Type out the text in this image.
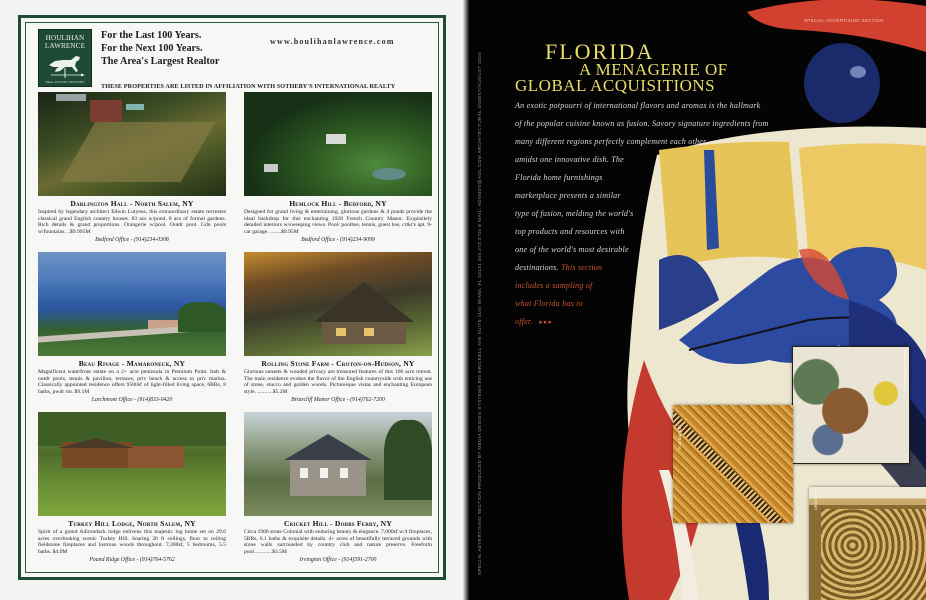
HOULIHAN
LAWRENCE
REAL ESTATE CENTERS
For the Last 100 Years.
For the Next 100 Years.
The Area's Largest Realtor
www.houlihanlawrence.com
THESE PROPERTIES ARE LISTED IN AFFILIATION WITH SOTHEBY'S INTERNATIONAL REALTY
Darlington Hall - North Salem, NY
Inspired by legendary architect Edwin Lutyens, this extraordinary estate recreates classical grand English country houses. 83 acs w/pond, 8 acs of formal gardens. Rich details & grand proportions. Orangerie w/pool. Outdr pool. Gdn pools w/fountains. ..$9.995M
Bedford Office - (914)234-0308
Hemlock Hill - Bedford, NY
Designed for grand living & entertaining, glorious gardens & 4 ponds provide the ideal backdrop for this enchanting 1928 French Country Manor. Exquisitely detailed interiors w/sweeping views. Pool/ poolhse, tennis, guest hse, crtkr's apt. 9-car garage. ........$9.95M
Bedford Office - (914)234-9099
Beau Rivage - Mamaroneck, NY
Magnificent waterfront estate on a 2+ acre peninsula in Premium Point. Indr & outdr pools, tennis & pavilion, terraces, priv beach & access to priv marina. Classically appointed residence offers 9500sf of light-filled living space, 6BRs, 8 baths, pwdr rm. $9.1M
Larchmont Office - (914)833-0420
Rolling Stone Farm - Croton-on-Hudson, NY
Glorious sunsets & wooded privacy are treasured features of this 106 acre retreat. The main residence evokes the flavor of the English countryside with enticing use of stone, stucco and golden woods. Picturesque vistas and enchanting European style. ...........$5.2M
Briarcliff Manor Office - (914)762-7200
Turkey Hill Lodge, North Salem, NY
Spirit of a grand Adirondack lodge enlivens this majestic log home set on 29.6 acres overlooking scenic Turkey Hill. Soaring 26 ft ceilings, floor to ceiling fieldstone fireplaces and lustrous woods throughout. 7,300sf, 5 bedrooms, 5.5 baths. $4.9M
Pound Ridge Office - (914)764-5762
Cricket Hill - Dobbs Ferry, NY
Circa 1900 stone Colonial with enduring beauty & elegance. 7,000sf w/4 fireplaces, 5BRs, 6.1 baths & exquisite details. 4+ acres of beautifully terraced grounds with stone walls surrounded by country club and nature preserve. Freeform pool.............$3.5M
Irvington Office - (914)591-2700
SPECIAL ADVERTISING SECTION
SPECIAL ADVERTISING SECTION PRODUCED BY MEDIA DESIGN SYSTEMS 800 BRICKELL AVE SUITE 1100 MIAMI, FL 33131 305.373.3700 E MAIL: ADSMDS@AOL.COM ARCHITECTURAL DIGEST/AUGUST 2000
FLORIDA
A MENAGERIE OF
GLOBAL ACQUISITIONS
An exotic potpourri of international flavors and aromas is the hallmark
of the popular cuisine known as fusion. Savory signature ingredients from
many different regions perfectly complement each other
amidst one innovative dish. The
Florida home furnishings
marketplace presents a similar
type of fusion, melding the world's
top products and resources with
one of the world's most desirable
destinations. This section
includes a sampling of
what Florida has to
offer. ▸▸▸
TILE MARKET
DESIGN IMPRESSIONS
ORNATE
